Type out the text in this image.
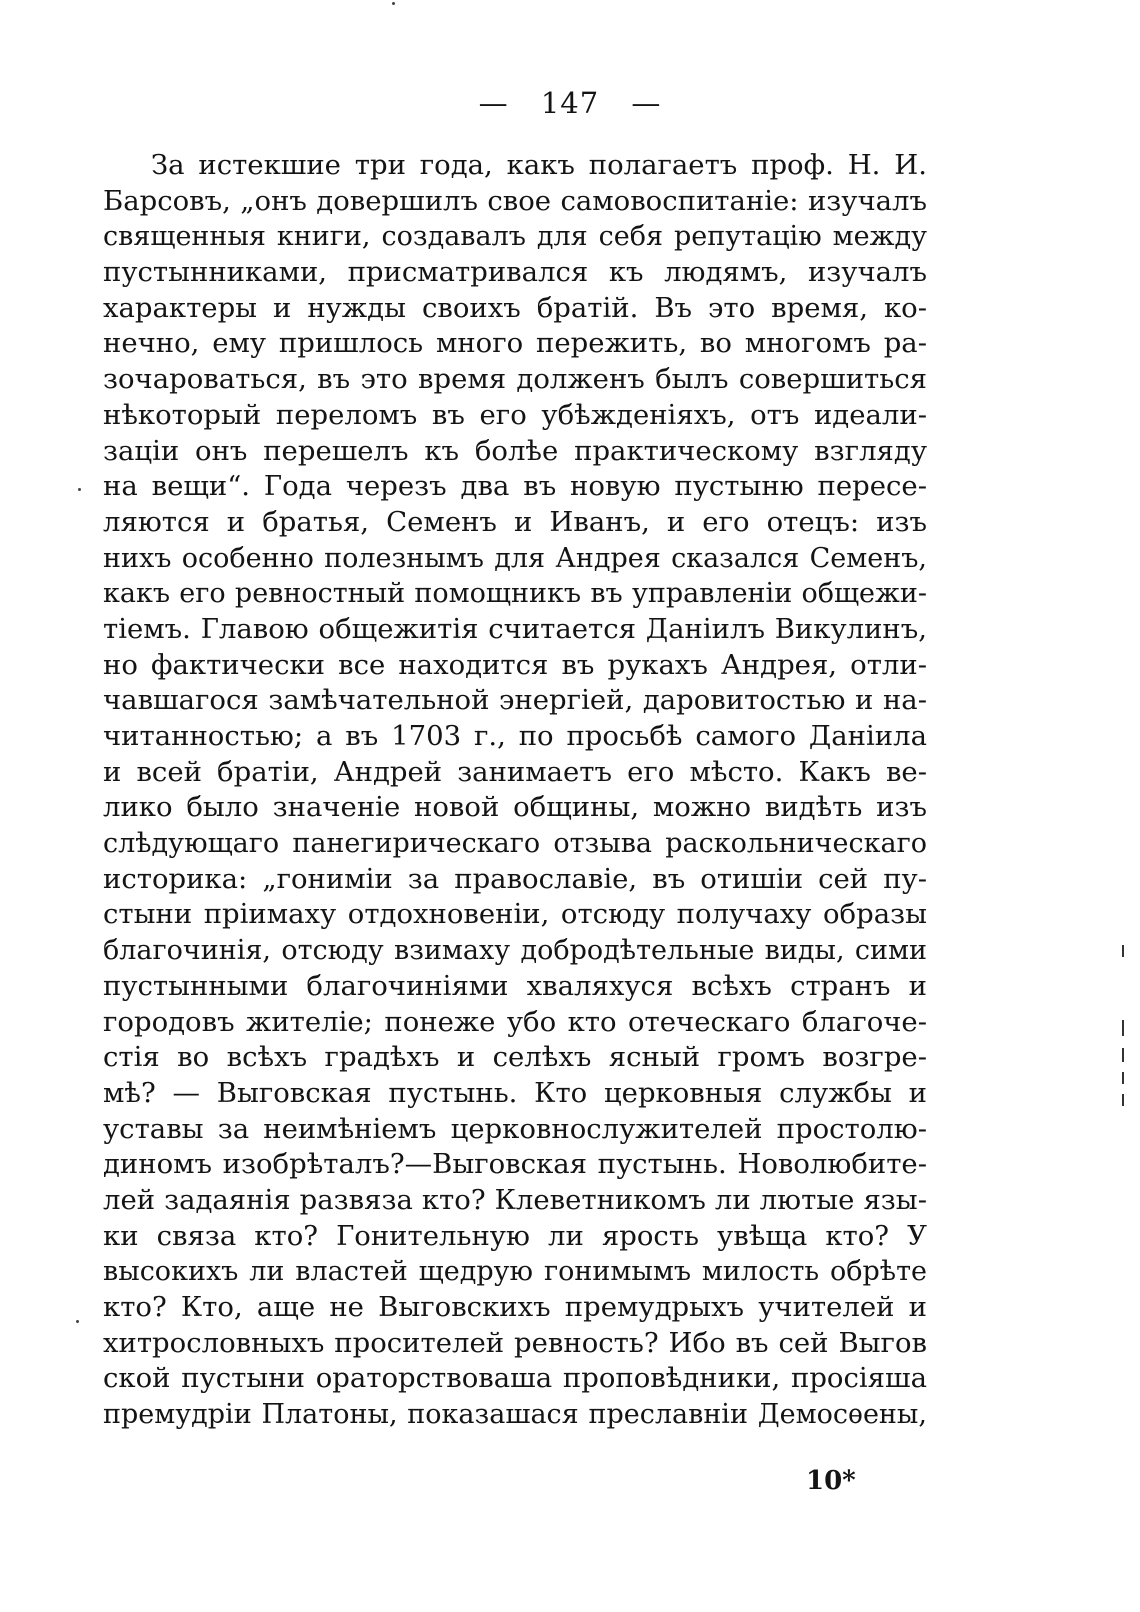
— 147 —
За истекшие три года, какъ полагаетъ проф. Н. И.
Барсовъ, „онъ довершилъ свое самовоспитаніе: изучалъ
священныя книги, создавалъ для себя репутацію между
пустынниками, присматривался къ людямъ, изучалъ
характеры и нужды своихъ братій. Въ это время, ко-
нечно, ему пришлось много пережить, во многомъ ра-
зочароваться, въ это время долженъ былъ совершиться
нѣкоторый переломъ въ его убѣжденіяхъ, отъ идеали-
заціи онъ перешелъ къ болѣе практическому взгляду
на вещи“. Года черезъ два въ новую пустыню пересе-
ляются и братья, Семенъ и Иванъ, и его отецъ: изъ
нихъ особенно полезнымъ для Андрея сказался Семенъ,
какъ его ревностный помощникъ въ управленіи общежи-
тіемъ. Главою общежитія считается Даніилъ Викулинъ,
но фактически все находится въ рукахъ Андрея, отли-
чавшагося замѣчательной энергіей, даровитостью и на-
читанностью; а въ 1703 г., по просьбѣ самого Даніила
и всей братіи, Андрей занимаетъ его мѣсто. Какъ ве-
лико было значеніе новой общины, можно видѣть изъ
слѣдующаго панегирическаго отзыва раскольническаго
историка: „гонимiи за православіе, въ отишіи сей пу-
стыни пріимаху отдохновеніи, отсюду получаху образы
благочинія, отсюду взимаху добродѣтельные виды, сими
пустынными благочиніями хваляхуся всѣхъ странъ и
городовъ жителіе; понеже убо кто отеческаго благоче-
стія во всѣхъ градѣхъ и селѣхъ ясный громъ возгре-
мѣ? — Выговская пустынь. Кто церковныя службы и
уставы за неимѣніемъ церковнослужителей простолю-
диномъ изобрѣталъ?—Выговская пустынь. Новолюбите-
лей задаянія развяза кто? Клеветникомъ ли лютые язы-
ки связа кто? Гонительную ли ярость увѣща кто? У
высокихъ ли властей щедрую гонимымъ милость обрѣте
кто? Кто, аще не Выговскихъ премудрыхъ учителей и
хитрословныхъ просителей ревность? Ибо въ сей Выгов
ской пустыни ораторствоваша проповѣдники, просіяша
премудріи Платоны, показашася преславніи Демосѳены,
10*
